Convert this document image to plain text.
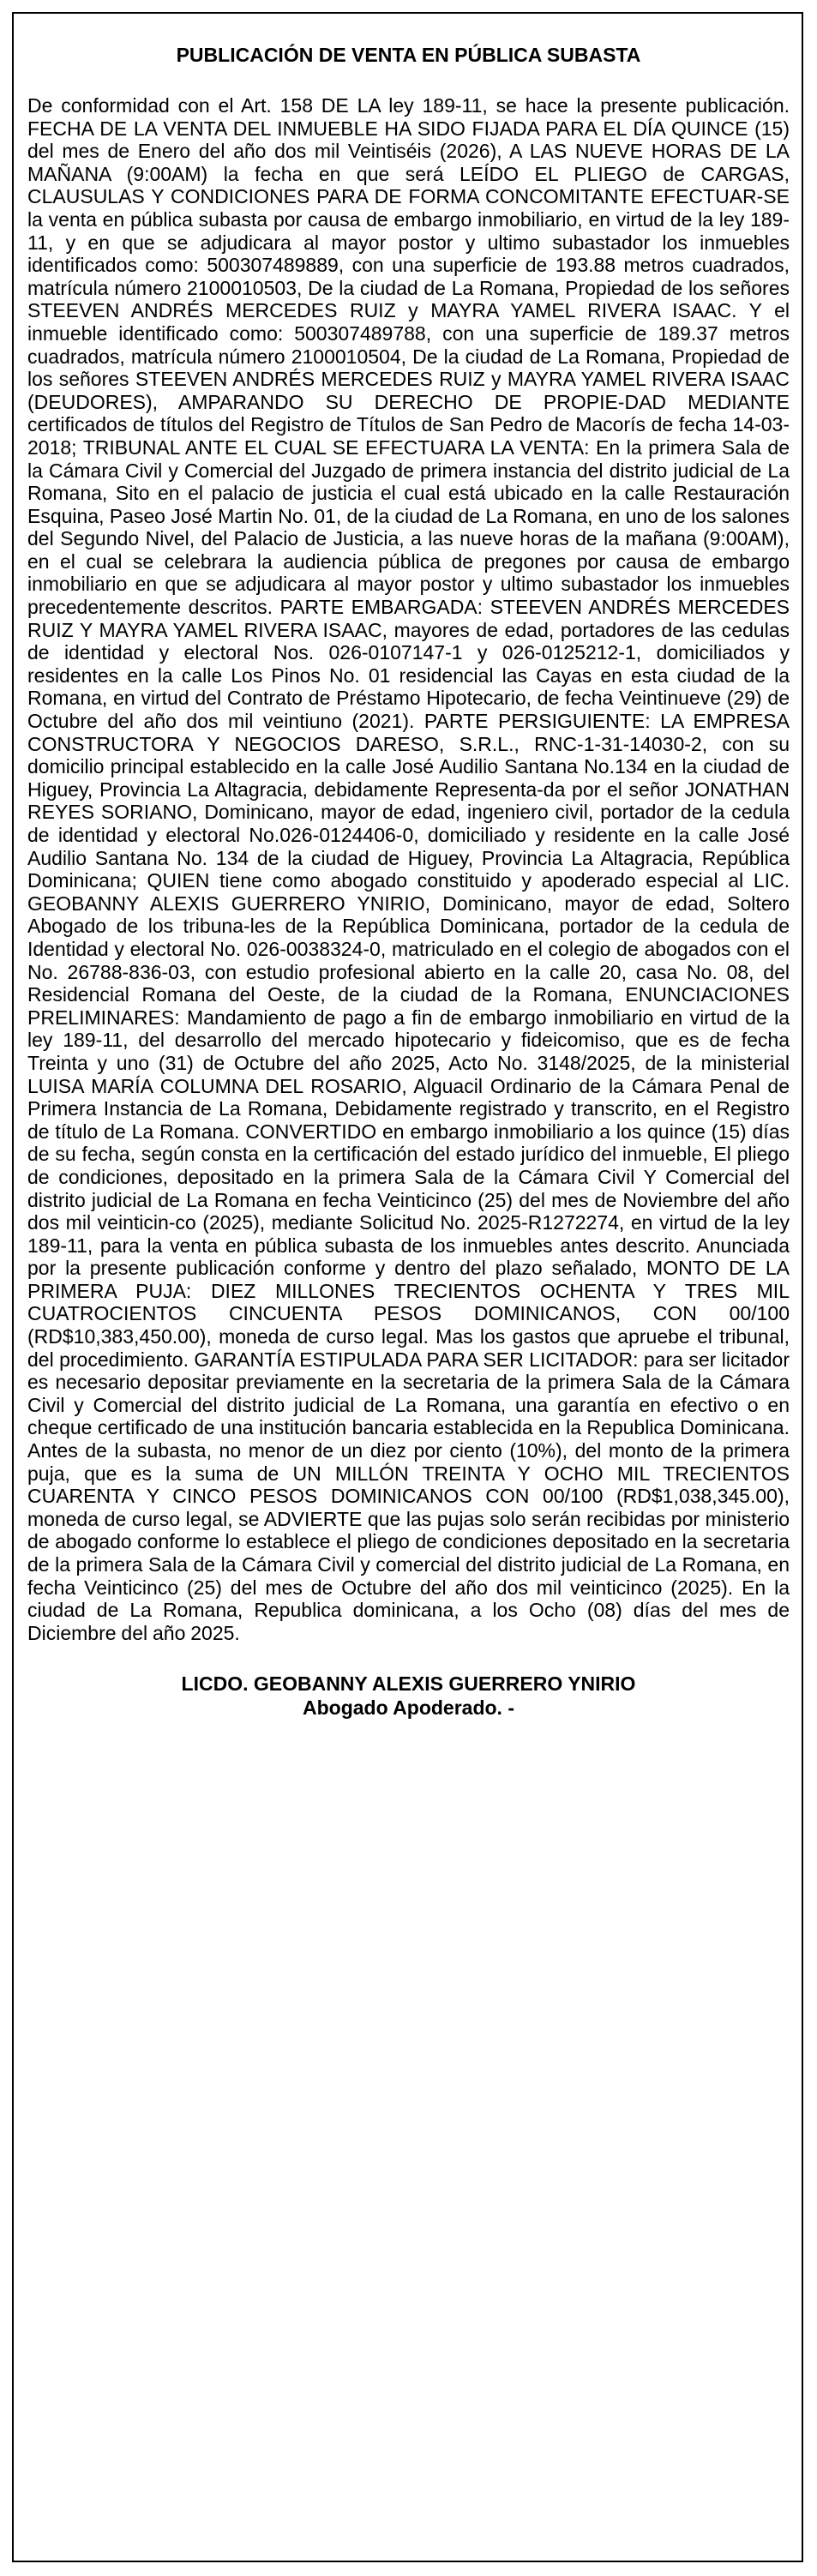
PUBLICACIÓN DE VENTA EN PÚBLICA SUBASTA

De conformidad con el Art. 158 DE LA ley 189-11, se hace la presente publicación. FECHA DE LA VENTA DEL INMUEBLE HA SIDO FIJADA PARA EL DÍA QUINCE (15) del mes de Enero del año dos mil Veintiséis (2026), A LAS NUEVE HORAS DE LA MAÑANA (9:00AM) la fecha en que será LEÍDO EL PLIEGO de CARGAS, CLAUSULAS Y CONDICIONES PARA DE FORMA CONCOMITANTE EFECTUAR-SE la venta en pública subasta por causa de embargo inmobiliario, en virtud de la ley 189-11, y en que se adjudicara al mayor postor y ultimo subastador los inmuebles identificados como: 500307489889, con una superficie de 193.88 metros cuadrados, matrícula número 2100010503, De la ciudad de La Romana, Propiedad de los señores STEEVEN ANDRÉS MERCEDES RUIZ y MAYRA YAMEL RIVERA ISAAC. Y el inmueble identificado como: 500307489788, con una superficie de 189.37 metros cuadrados, matrícula número 2100010504, De la ciudad de La Romana, Propiedad de los señores STEEVEN ANDRÉS MERCEDES RUIZ y MAYRA YAMEL RIVERA ISAAC (DEUDORES), AMPARANDO SU DERECHO DE PROPIE-DAD MEDIANTE certificados de títulos del Registro de Títulos de San Pedro de Macorís de fecha 14-03-2018; TRIBUNAL ANTE EL CUAL SE EFECTUARA LA VENTA: En la primera Sala de la Cámara Civil y Comercial del Juzgado de primera instancia del distrito judicial de La Romana, Sito en el palacio de justicia el cual está ubicado en la calle Restauración Esquina, Paseo José Martin No. 01, de la ciudad de La Romana, en uno de los salones del Segundo Nivel, del Palacio de Justicia, a las nueve horas de la mañana (9:00AM), en el cual se celebrara la audiencia pública de pregones por causa de embargo inmobiliario en que se adjudicara al mayor postor y ultimo subastador los inmuebles precedentemente descritos. PARTE EMBARGADA: STEEVEN ANDRÉS MERCEDES RUIZ Y MAYRA YAMEL RIVERA ISAAC, mayores de edad, portadores de las cedulas de identidad y electoral Nos. 026-0107147-1 y 026-0125212-1, domiciliados y residentes en la calle Los Pinos No. 01 residencial las Cayas en esta ciudad de la Romana, en virtud del Contrato de Préstamo Hipotecario, de fecha Veintinueve (29) de Octubre del año dos mil veintiuno (2021). PARTE PERSIGUIENTE: LA EMPRESA CONSTRUCTORA Y NEGOCIOS DARESO, S.R.L., RNC-1-31-14030-2, con su domicilio principal establecido en la calle José Audilio Santana No.134 en la ciudad de Higuey, Provincia La Altagracia, debidamente Representa-da por el señor JONATHAN REYES SORIANO, Dominicano, mayor de edad, ingeniero civil, portador de la cedula de identidad y electoral No.026-0124406-0, domiciliado y residente en la calle José Audilio Santana No. 134 de la ciudad de Higuey, Provincia La Altagracia, República Dominicana; QUIEN tiene como abogado constituido y apoderado especial al LIC. GEOBANNY ALEXIS GUERRERO YNIRIO, Dominicano, mayor de edad, Soltero Abogado de los tribuna-les de la República Dominicana, portador de la cedula de Identidad y electoral No. 026-0038324-0, matriculado en el colegio de abogados con el No. 26788-836-03, con estudio profesional abierto en la calle 20, casa No. 08, del Residencial Romana del Oeste, de la ciudad de la Romana, ENUNCIACIONES PRELIMINARES: Mandamiento de pago a fin de embargo inmobiliario en virtud de la ley 189-11, del desarrollo del mercado hipotecario y fideicomiso, que es de fecha Treinta y uno (31) de Octubre del año 2025, Acto No. 3148/2025, de la ministerial LUISA MARÍA COLUMNA DEL ROSARIO, Alguacil Ordinario de la Cámara Penal de Primera Instancia de La Romana, Debidamente registrado y transcrito, en el Registro de título de La Romana. CONVERTIDO en embargo inmobiliario a los quince (15) días de su fecha, según consta en la certificación del estado jurídico del inmueble, El pliego de condiciones, depositado en la primera Sala de la Cámara Civil Y Comercial del distrito judicial de La Romana en fecha Veinticinco (25) del mes de Noviembre del año dos mil veinticin-co (2025), mediante Solicitud No. 2025-R1272274, en virtud de la ley 189-11, para la venta en pública subasta de los inmuebles antes descrito. Anunciada por la presente publicación conforme y dentro del plazo señalado, MONTO DE LA PRIMERA PUJA: DIEZ MILLONES TRECIENTOS OCHENTA Y TRES MIL CUATROCIENTOS CINCUENTA PESOS DOMINICANOS, CON 00/100 (RD$10,383,450.00), moneda de curso legal. Mas los gastos que apruebe el tribunal, del procedimiento. GARANTÍA ESTIPULADA PARA SER LICITADOR: para ser licitador es necesario depositar previamente en la secretaria de la primera Sala de la Cámara Civil y Comercial del distrito judicial de La Romana, una garantía en efectivo o en cheque certificado de una institución bancaria establecida en la Republica Dominicana. Antes de la subasta, no menor de un diez por ciento (10%), del monto de la primera puja, que es la suma de UN MILLÓN TREINTA Y OCHO MIL TRECIENTOS CUARENTA Y CINCO PESOS DOMINICANOS CON 00/100 (RD$1,038,345.00), moneda de curso legal, se ADVIERTE que las pujas solo serán recibidas por ministerio de abogado conforme lo establece el pliego de condiciones depositado en la secretaria de la primera Sala de la Cámara Civil y comercial del distrito judicial de La Romana, en fecha Veinticinco (25) del mes de Octubre del año dos mil veinticinco (2025). En la ciudad de La Romana, Republica dominicana, a los Ocho (08) días del mes de Diciembre del año 2025.

LICDO. GEOBANNY ALEXIS GUERRERO YNIRIO
Abogado Apoderado. -
